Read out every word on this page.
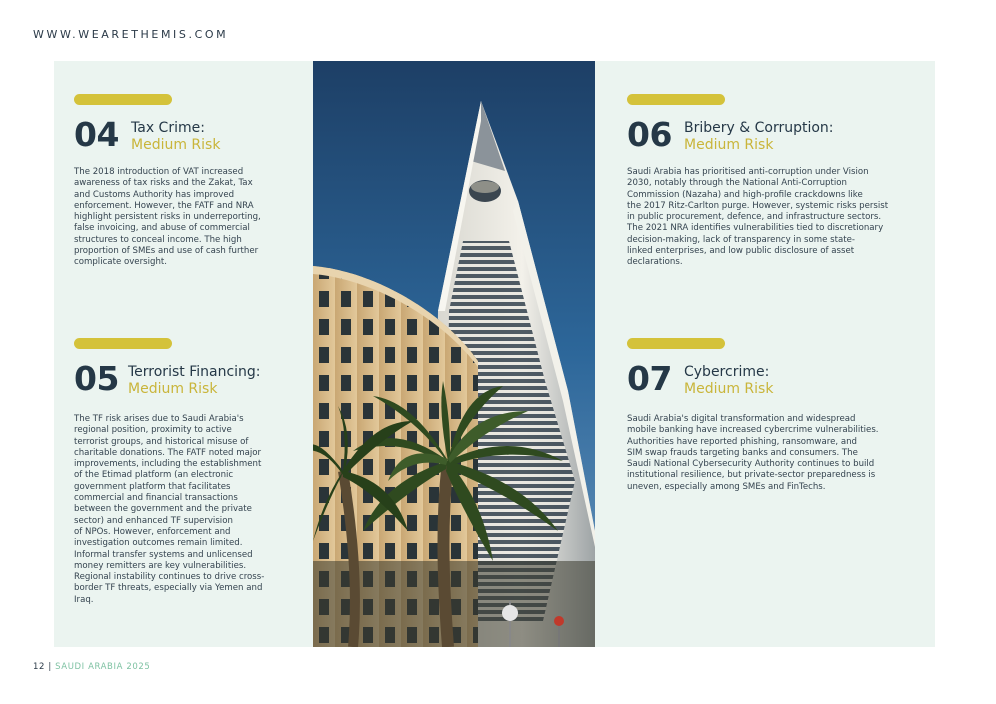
WWW.WEARETHEMIS.COM
04 Tax Crime:
Medium Risk
The 2018 introduction of VAT increased
awareness of tax risks and the Zakat, Tax
and Customs Authority has improved
enforcement. However, the FATF and NRA
highlight persistent risks in underreporting,
false invoicing, and abuse of commercial
structures to conceal income. The high
proportion of SMEs and use of cash further
complicate oversight.
05 Terrorist Financing:
Medium Risk
The TF risk arises due to Saudi Arabia's
regional position, proximity to active
terrorist groups, and historical misuse of
charitable donations. The FATF noted major
improvements, including the establishment
of the Etimad platform (an electronic
government platform that facilitates
commercial and financial transactions
between the government and the private
sector) and enhanced TF supervision
of NPOs. However, enforcement and
investigation outcomes remain limited.
Informal transfer systems and unlicensed
money remitters are key vulnerabilities.
Regional instability continues to drive cross-
border TF threats, especially via Yemen and
Iraq.
06 Bribery & Corruption:
Medium Risk
Saudi Arabia has prioritised anti-corruption under Vision
2030, notably through the National Anti-Corruption
Commission (Nazaha) and high-profile crackdowns like
the 2017 Ritz-Carlton purge. However, systemic risks persist
in public procurement, defence, and infrastructure sectors.
The 2021 NRA identifies vulnerabilities tied to discretionary
decision-making, lack of transparency in some state-
linked enterprises, and low public disclosure of asset
declarations.
07 Cybercrime:
Medium Risk
Saudi Arabia's digital transformation and widespread
mobile banking have increased cybercrime vulnerabilities.
Authorities have reported phishing, ransomware, and
SIM swap frauds targeting banks and consumers. The
Saudi National Cybersecurity Authority continues to build
institutional resilience, but private-sector preparedness is
uneven, especially among SMEs and FinTechs.
12 | SAUDI ARABIA 2025
